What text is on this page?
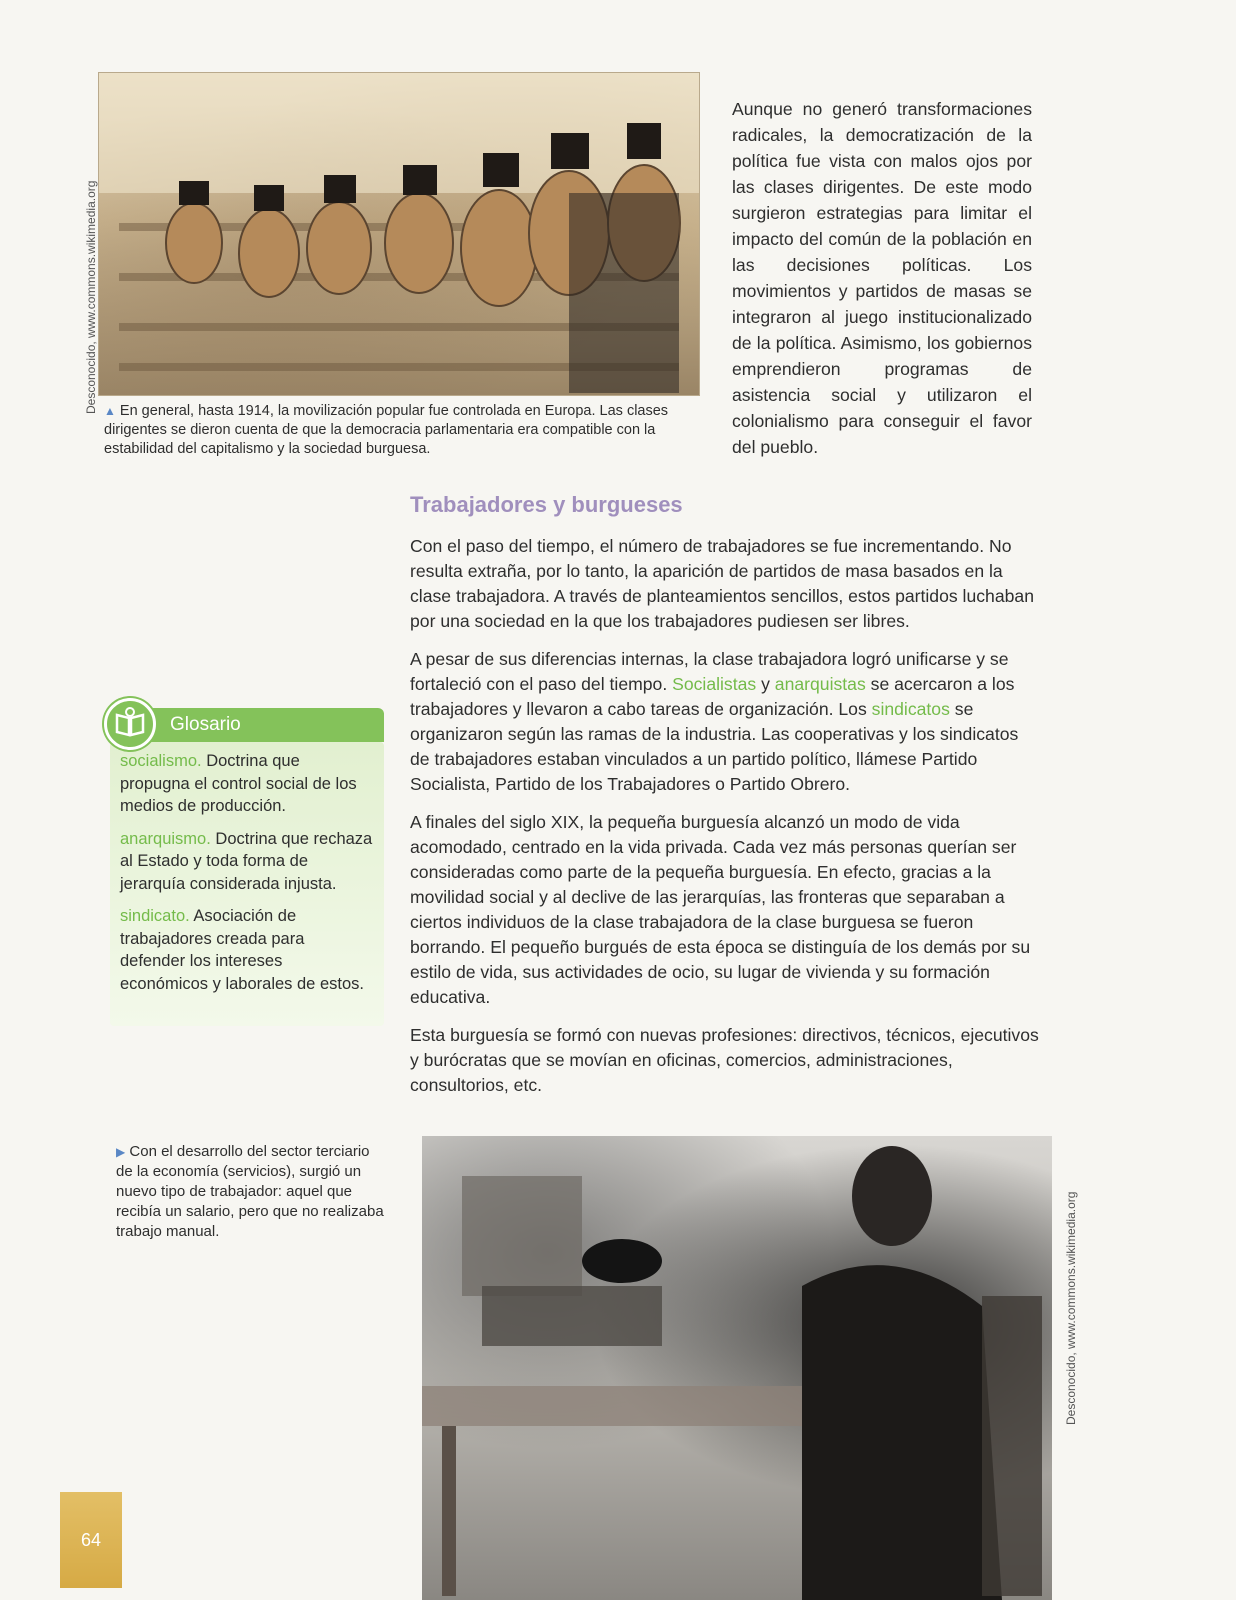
Desconocido, www.commons.wikimedia.org
Desconocido, www.commons.wikimedia.org
▲ En general, hasta 1914, la movilización popular fue controlada en Europa. Las clases dirigentes se dieron cuenta de que la democracia parlamentaria era compatible con la estabilidad del capitalismo y la sociedad burguesa.
Aunque no generó transformaciones radicales, la democratización de la política fue vista con malos ojos por las clases dirigentes. De este modo surgieron estrategias para limitar el impacto del común de la población en las decisiones políticas. Los movimientos y partidos de masas se integraron al juego institucionalizado de la política. Asimismo, los gobiernos emprendieron programas de asistencia social y utilizaron el colonialismo para conseguir el favor del pueblo.
Trabajadores y burgueses

Con el paso del tiempo, el número de trabajadores se fue incrementando. No resulta extraña, por lo tanto, la aparición de partidos de masa basados en la clase trabajadora. A través de planteamientos sencillos, estos partidos luchaban por una sociedad en la que los trabajadores pudiesen ser libres.

A pesar de sus diferencias internas, la clase trabajadora logró unificarse y se fortaleció con el paso del tiempo. Socialistas y anarquistas se acercaron a los trabajadores y llevaron a cabo tareas de organización. Los sindicatos se organizaron según las ramas de la industria. Las cooperativas y los sindicatos de trabajadores estaban vinculados a un partido político, llámese Partido Socialista, Partido de los Trabajadores o Partido Obrero.

A finales del siglo XIX, la pequeña burguesía alcanzó un modo de vida acomodado, centrado en la vida privada. Cada vez más personas querían ser consideradas como parte de la pequeña burguesía. En efecto, gracias a la movilidad social y al declive de las jerarquías, las fronteras que separaban a ciertos individuos de la clase trabajadora de la clase burguesa se fueron borrando. El pequeño burgués de esta época se distinguía de los demás por su estilo de vida, sus actividades de ocio, su lugar de vivienda y su formación educativa.

Esta burguesía se formó con nuevas profesiones: directivos, técnicos, ejecutivos y burócratas que se movían en oficinas, comercios, administraciones, consultorios, etc.

Glosario

socialismo. Doctrina que propugna el control social de los medios de producción.

anarquismo. Doctrina que rechaza al Estado y toda forma de jerarquía considerada injusta.

sindicato. Asociación de trabajadores creada para defender los intereses económicos y laborales de estos.

▶ Con el desarrollo del sector terciario de la economía (servicios), surgió un nuevo tipo de trabajador: aquel que recibía un salario, pero que no realizaba trabajo manual.
64
